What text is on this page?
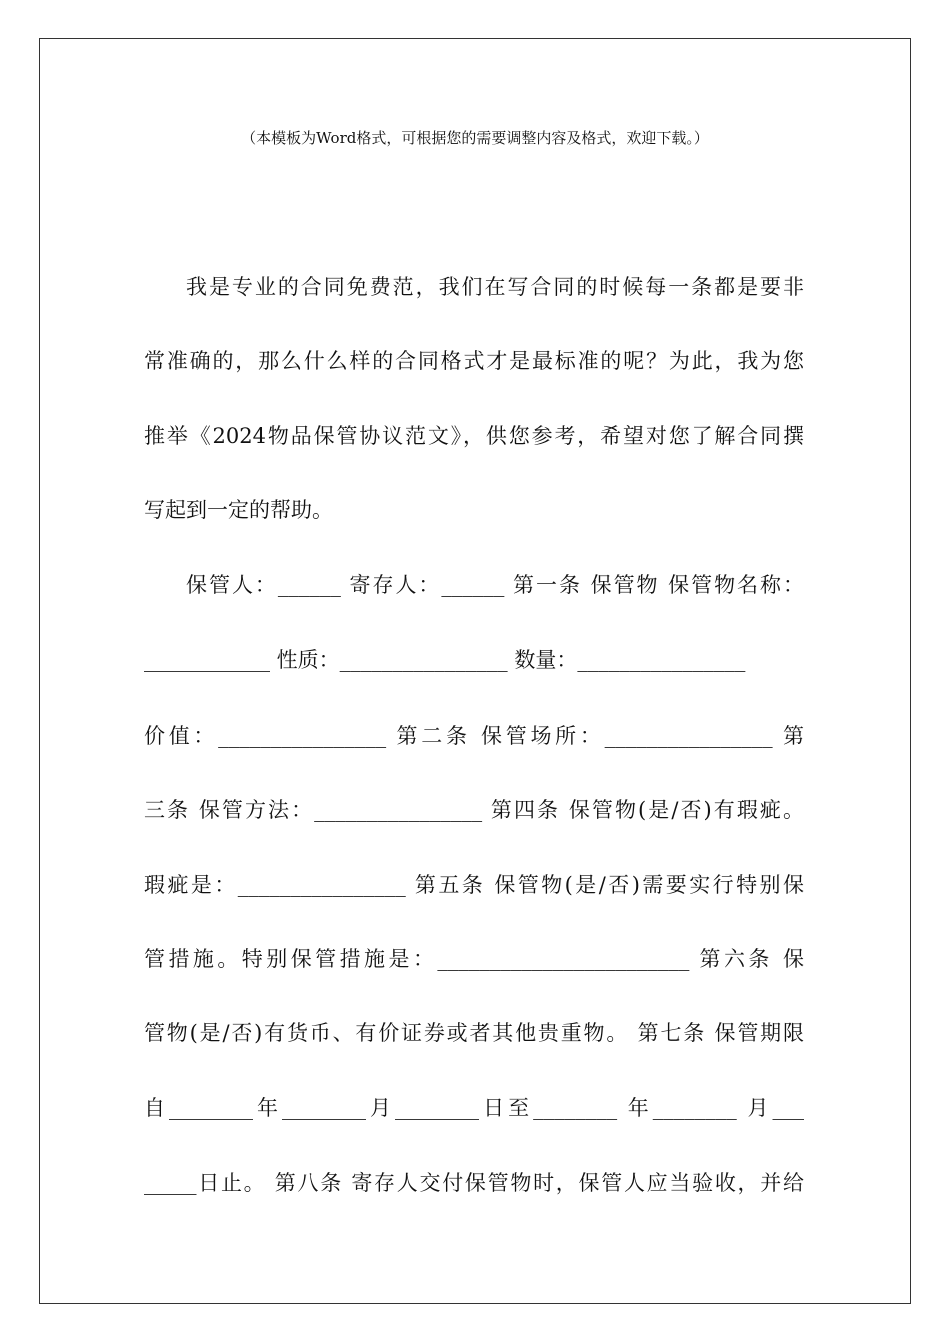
（本模板为Word格式，可根据您的需要调整内容及格式，欢迎下载。）
我是专业的合同免费范，我们在写合同的时候每一条都是要非
常准确的，那么什么样的合同格式才是最标准的呢？为此，我为您
推举《2024物品保管协议范文》，供您参考，希望对您了解合同撰
写起到一定的帮助。
保管人：______ 寄存人：______ 第一条 保管物 保管物名称：
____________ 性质：________________ 数量：________________
价值：________________ 第二条 保管场所：________________ 第
三条 保管方法：________________ 第四条 保管物(是/否)有瑕疵。
瑕疵是：________________ 第五条 保管物(是/否)需要实行特别保
管措施。特别保管措施是：________________________ 第六条 保
管物(是/否)有货币、有价证券或者其他贵重物。 第七条 保管期限
自________年________月________日至________ 年________ 月___
_____日止。 第八条 寄存人交付保管物时，保管人应当验收，并给
